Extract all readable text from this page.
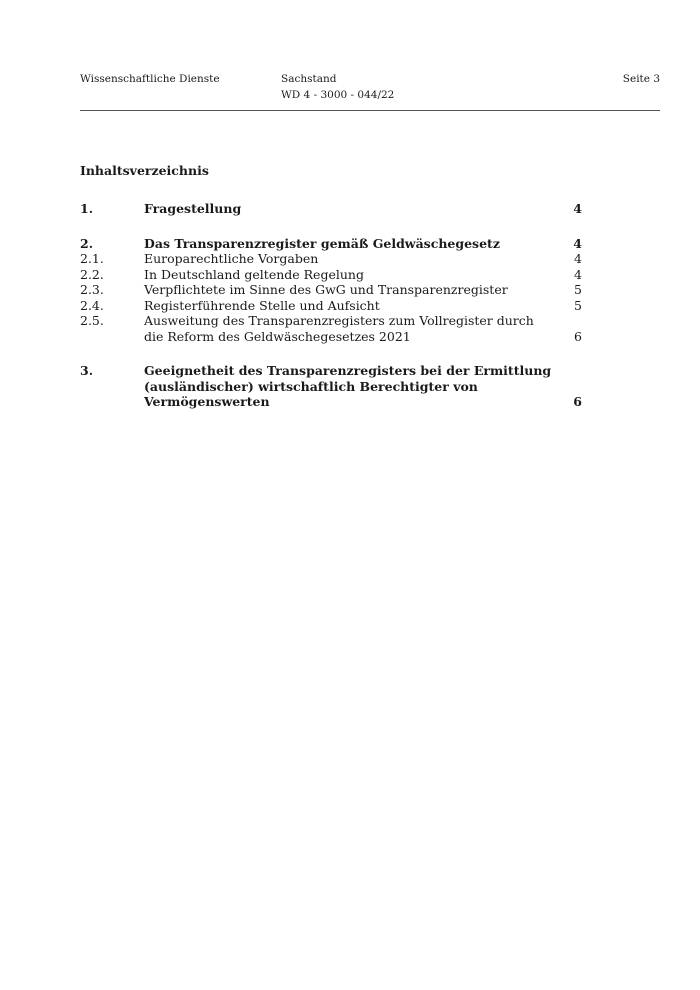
Wissenschaftliche Dienste	Sachstand
WD 4 - 3000 - 044/22
Seite 3
Inhaltsverzeichnis
1.	Fragestellung	4
2.	Das Transparenzregister gemäß Geldwäschegesetz	4
2.1.	Europarechtliche Vorgaben	4
2.2.	In Deutschland geltende Regelung	4
2.3.	Verpflichtete im Sinne des GwG und Transparenzregister	5
2.4.	Registerführende Stelle und Aufsicht	5
2.5.	Ausweitung des Transparenzregisters zum Vollregister durch die Reform des Geldwäschegesetzes 2021	6
3.	Geeignetheit des Transparenzregisters bei der Ermittlung (ausländischer) wirtschaftlich Berechtigter von Vermögenswerten	6
